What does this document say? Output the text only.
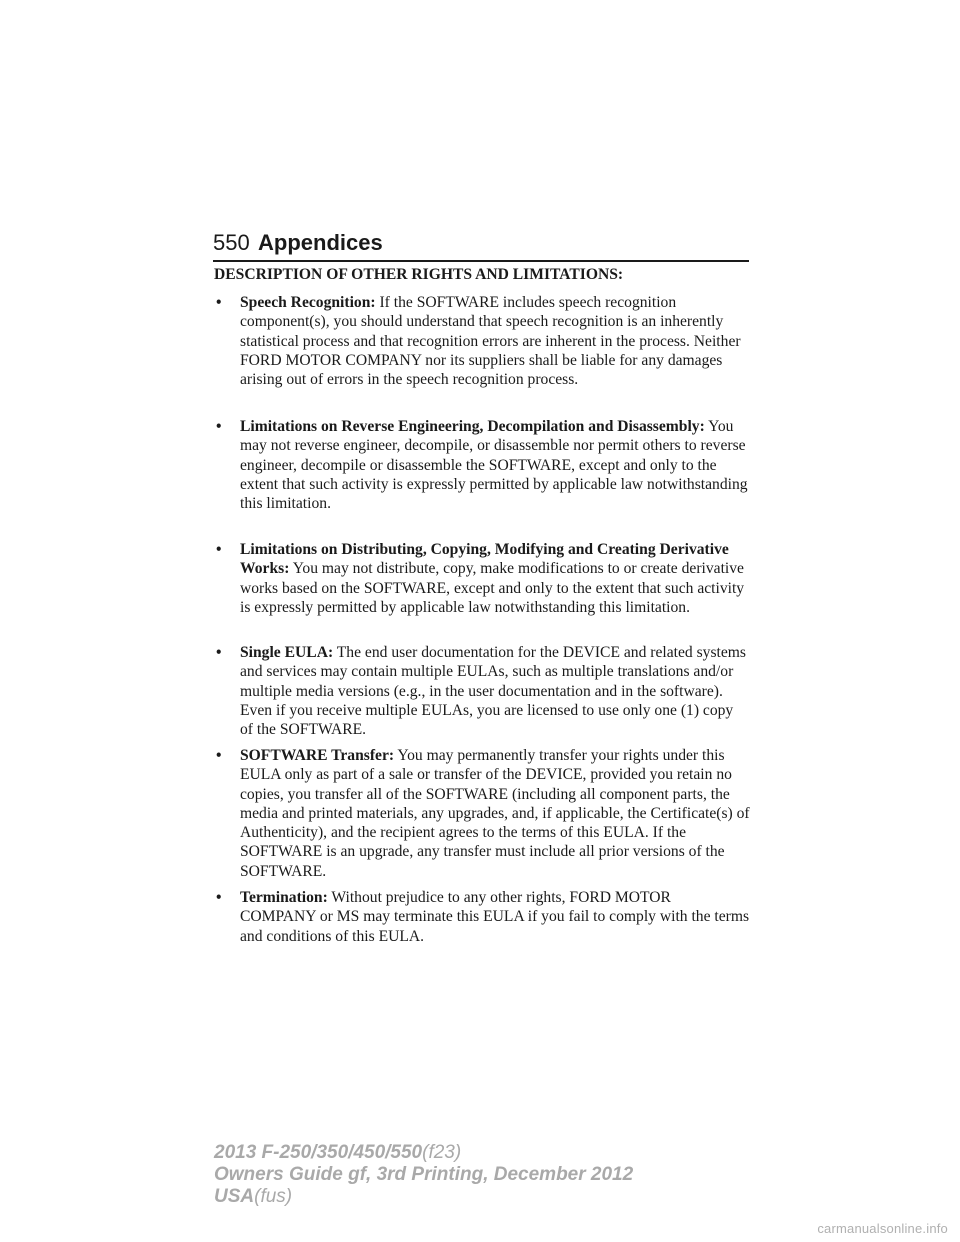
550 Appendices
DESCRIPTION OF OTHER RIGHTS AND LIMITATIONS:
• Speech Recognition: If the SOFTWARE includes speech recognition component(s), you should understand that speech recognition is an inherently statistical process and that recognition errors are inherent in the process. Neither FORD MOTOR COMPANY nor its suppliers shall be liable for any damages arising out of errors in the speech recognition process.
• Limitations on Reverse Engineering, Decompilation and Disassembly: You may not reverse engineer, decompile, or disassemble nor permit others to reverse engineer, decompile or disassemble the SOFTWARE, except and only to the extent that such activity is expressly permitted by applicable law notwithstanding this limitation.
• Limitations on Distributing, Copying, Modifying and Creating Derivative Works: You may not distribute, copy, make modifications to or create derivative works based on the SOFTWARE, except and only to the extent that such activity is expressly permitted by applicable law notwithstanding this limitation.
• Single EULA: The end user documentation for the DEVICE and related systems and services may contain multiple EULAs, such as multiple translations and/or multiple media versions (e.g., in the user documentation and in the software). Even if you receive multiple EULAs, you are licensed to use only one (1) copy of the SOFTWARE.
• SOFTWARE Transfer: You may permanently transfer your rights under this EULA only as part of a sale or transfer of the DEVICE, provided you retain no copies, you transfer all of the SOFTWARE (including all component parts, the media and printed materials, any upgrades, and, if applicable, the Certificate(s) of Authenticity), and the recipient agrees to the terms of this EULA. If the SOFTWARE is an upgrade, any transfer must include all prior versions of the SOFTWARE.
• Termination: Without prejudice to any other rights, FORD MOTOR COMPANY or MS may terminate this EULA if you fail to comply with the terms and conditions of this EULA.
2013 F-250/350/450/550(f23)
Owners Guide gf, 3rd Printing, December 2012
USA(fus)
carmanualsonline.info
